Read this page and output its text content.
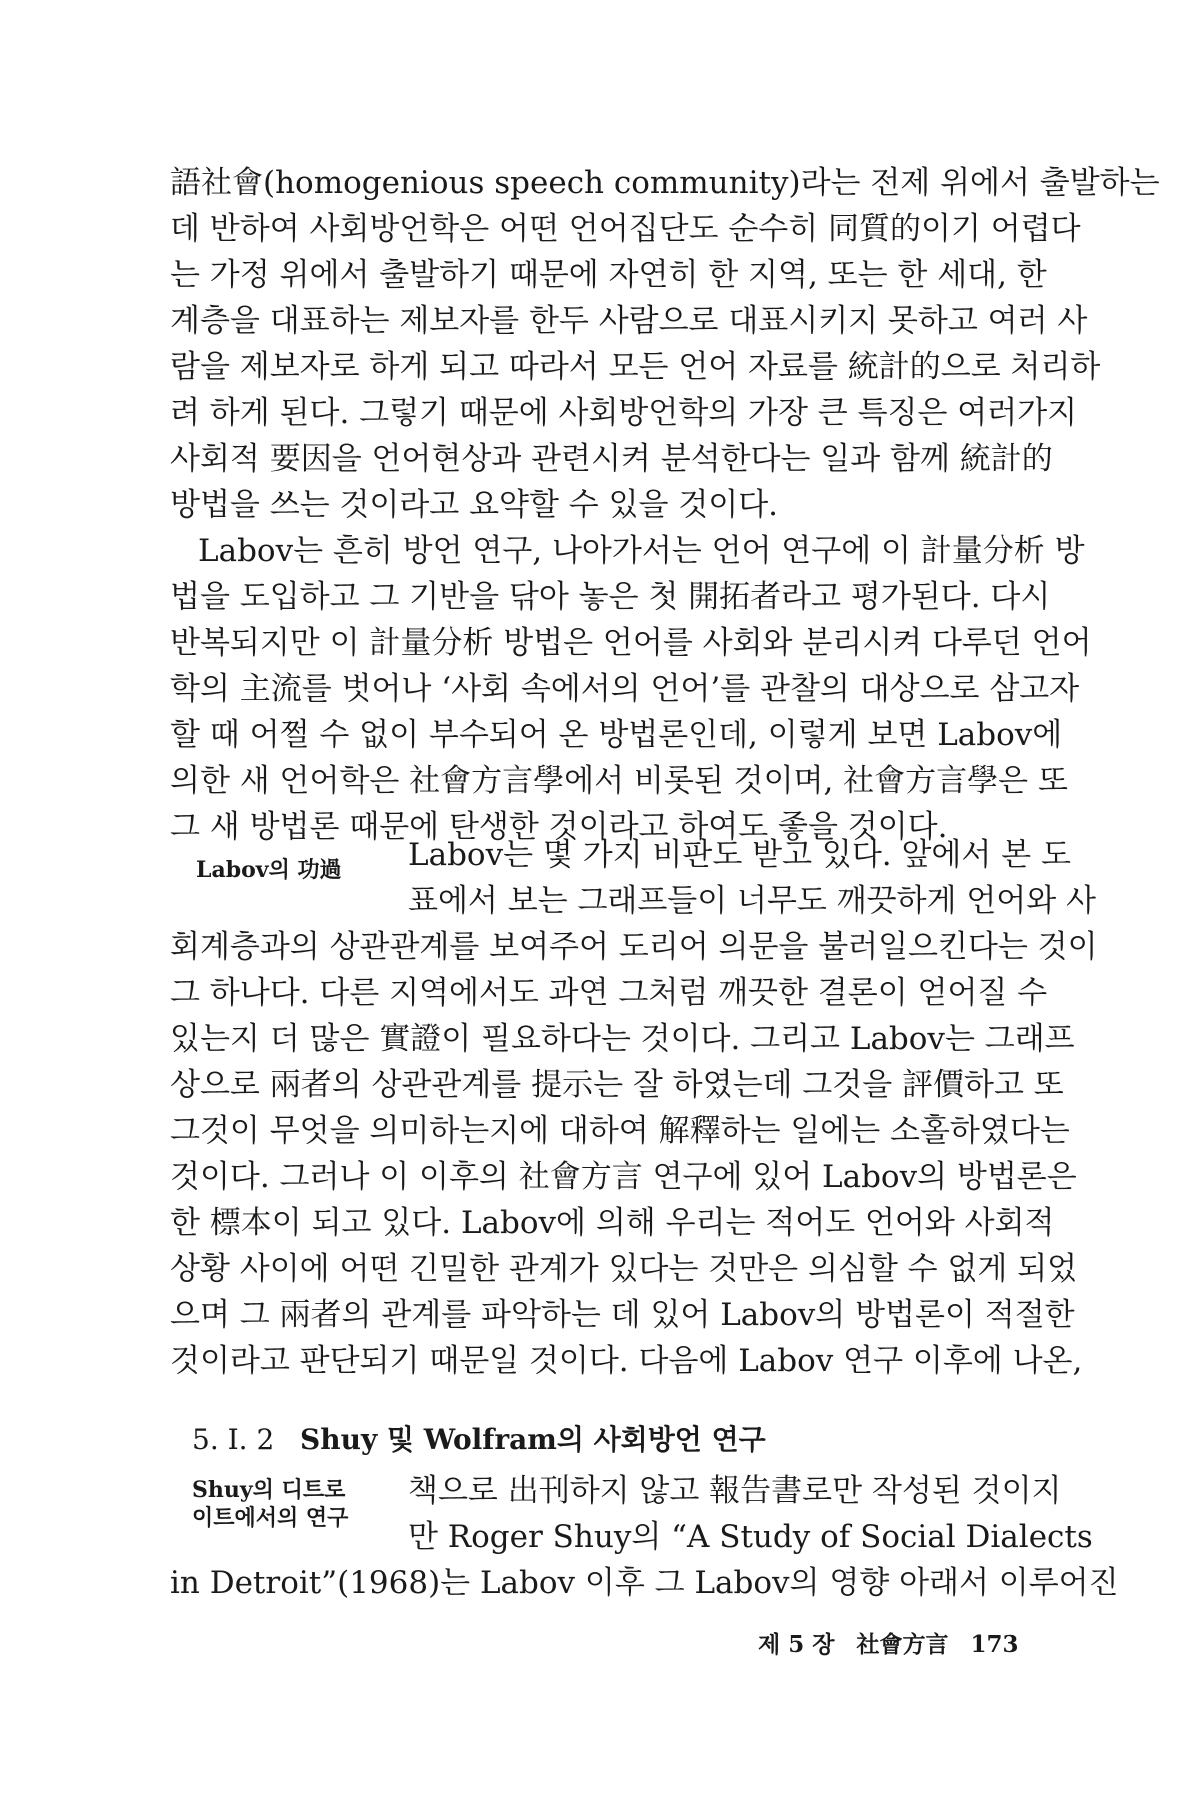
語社會(homogenious speech community)라는 전제 위에서 출발하는
데 반하여 사회방언학은 어떤 언어집단도 순수히 同質的이기 어렵다
는 가정 위에서 출발하기 때문에 자연히 한 지역, 또는 한 세대, 한
계층을 대표하는 제보자를 한두 사람으로 대표시키지 못하고 여러 사
람을 제보자로 하게 되고 따라서 모든 언어 자료를 統計的으로 처리하
려 하게 된다. 그렇기 때문에 사회방언학의 가장 큰 특징은 여러가지
사회적 要因을 언어현상과 관련시켜 분석한다는 일과 함께 統計的
방법을 쓰는 것이라고 요약할 수 있을 것이다.
Labov는 흔히 방언 연구, 나아가서는 언어 연구에 이 計量分析 방
법을 도입하고 그 기반을 닦아 놓은 첫 開拓者라고 평가된다. 다시
반복되지만 이 計量分析 방법은 언어를 사회와 분리시켜 다루던 언어
학의 主流를 벗어나 ‘사회 속에서의 언어’를 관찰의 대상으로 삼고자
할 때 어쩔 수 없이 부수되어 온 방법론인데, 이렇게 보면 Labov에
의한 새 언어학은 社會方言學에서 비롯된 것이며, 社會方言學은 또
그 새 방법론 때문에 탄생한 것이라고 하여도 좋을 것이다.
Labov의 功過 Labov는 몇 가지 비판도 받고 있다. 앞에서 본 도
표에서 보는 그래프들이 너무도 깨끗하게 언어와 사
회계층과의 상관관계를 보여주어 도리어 의문을 불러일으킨다는 것이
그 하나다. 다른 지역에서도 과연 그처럼 깨끗한 결론이 얻어질 수
있는지 더 많은 實證이 필요하다는 것이다. 그리고 Labov는 그래프
상으로 兩者의 상관관계를 提示는 잘 하였는데 그것을 評價하고 또
그것이 무엇을 의미하는지에 대하여 解釋하는 일에는 소홀하였다는
것이다. 그러나 이 이후의 社會方言 연구에 있어 Labov의 방법론은
한 標本이 되고 있다. Labov에 의해 우리는 적어도 언어와 사회적
상황 사이에 어떤 긴밀한 관계가 있다는 것만은 의심할 수 없게 되었
으며 그 兩者의 관계를 파악하는 데 있어 Labov의 방법론이 적절한
것이라고 판단되기 때문일 것이다. 다음에 Labov 연구 이후에 나온,
5. I. 2 Shuy 및 Wolfram의 사회방언 연구
Shuy의 디트로
이트에서의 연구
책으로 出刊하지 않고 報告書로만 작성된 것이지
만 Roger Shuy의 “A Study of Social Dialects
in Detroit”(1968)는 Labov 이후 그 Labov의 영향 아래서 이루어진
제 5 장 社會方言 173
